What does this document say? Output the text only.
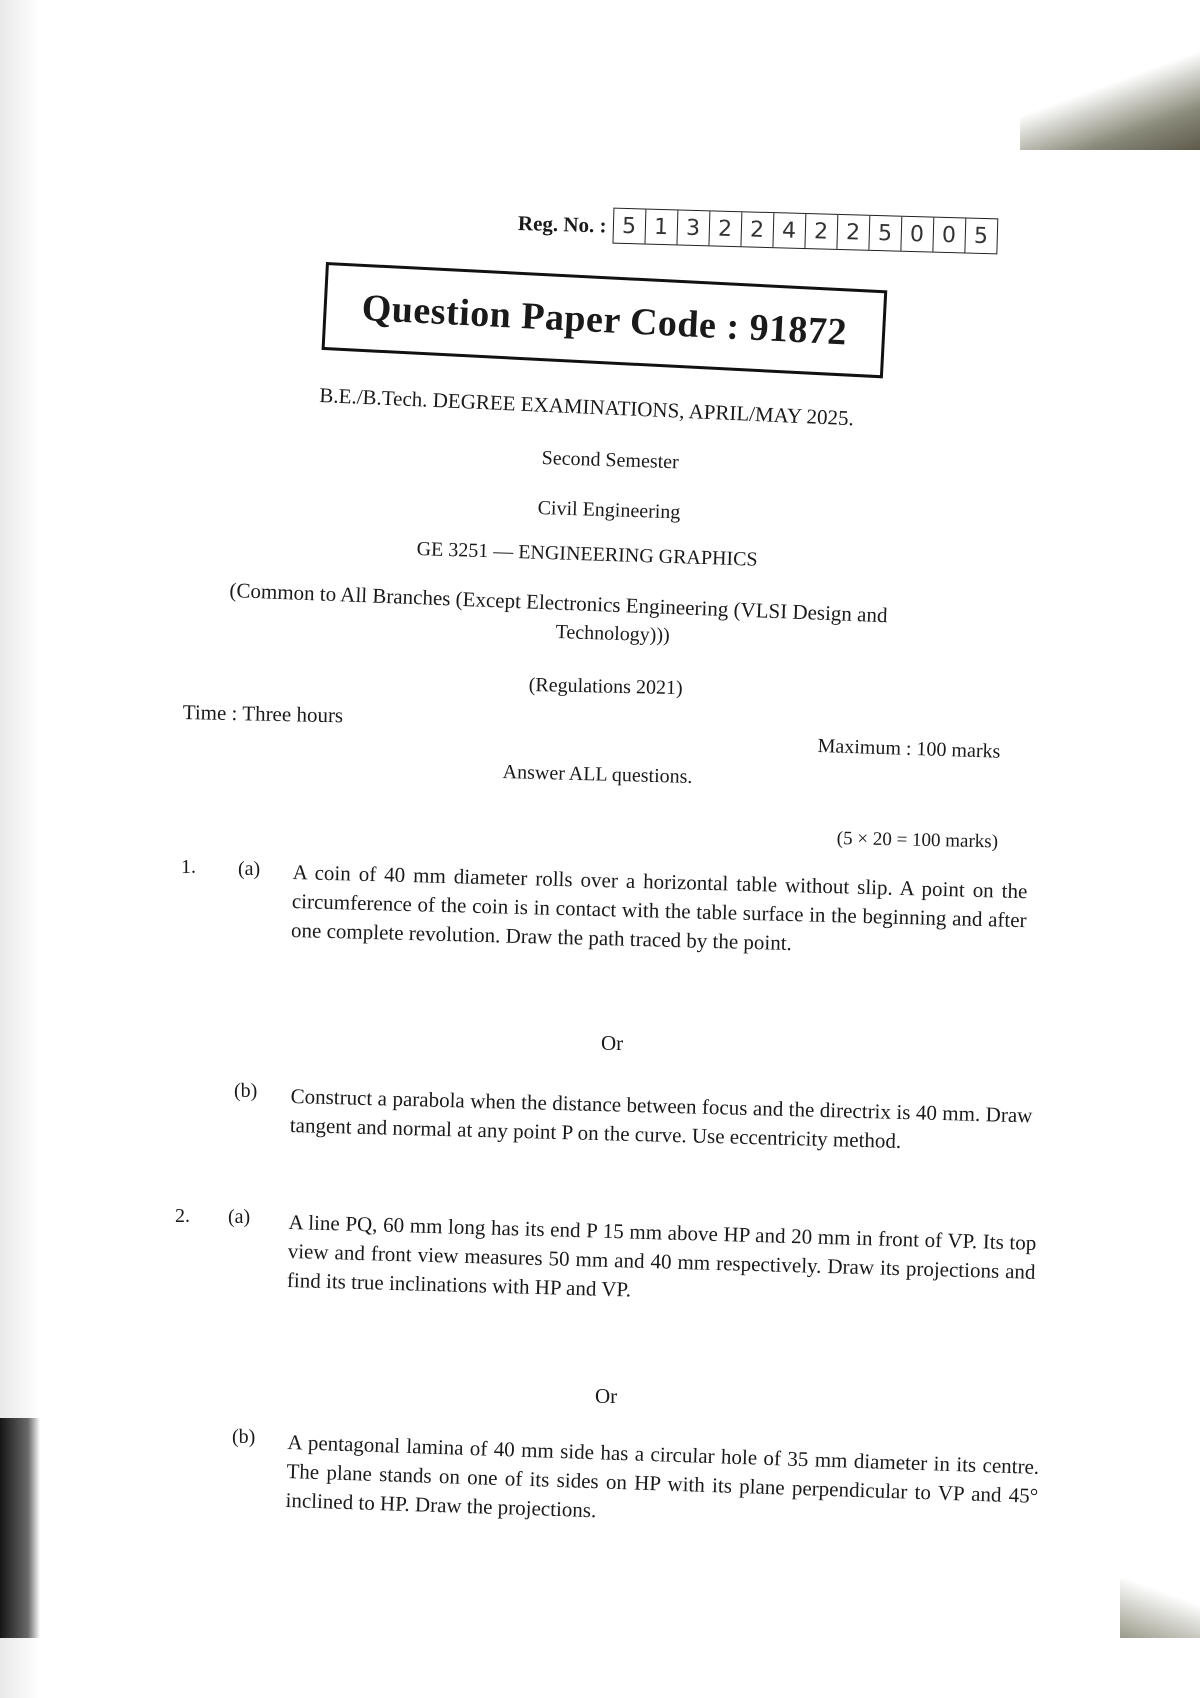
Reg. No. : 5 1 3 2 2 4 2 2 5 0 0 5
Question Paper Code : 91872
B.E./B.Tech. DEGREE EXAMINATIONS, APRIL/MAY 2025.
Second Semester
Civil Engineering
GE 3251 — ENGINEERING GRAPHICS
(Common to All Branches (Except Electronics Engineering (VLSI Design and
Technology)))
(Regulations 2021)
Time : Three hours
Maximum : 100 marks
Answer ALL questions.
(5 × 20 = 100 marks)
1. (a) A coin of 40 mm diameter rolls over a horizontal table without slip. A point on the circumference of the coin is in contact with the table surface in the beginning and after one complete revolution. Draw the path traced by the point.
Or
(b) Construct a parabola when the distance between focus and the directrix is 40 mm. Draw tangent and normal at any point P on the curve. Use eccentricity method.
2. (a) A line PQ, 60 mm long has its end P 15 mm above HP and 20 mm in front of VP. Its top view and front view measures 50 mm and 40 mm respectively. Draw its projections and find its true inclinations with HP and VP.
Or
(b) A pentagonal lamina of 40 mm side has a circular hole of 35 mm diameter in its centre. The plane stands on one of its sides on HP with its plane perpendicular to VP and 45° inclined to HP. Draw the projections.
